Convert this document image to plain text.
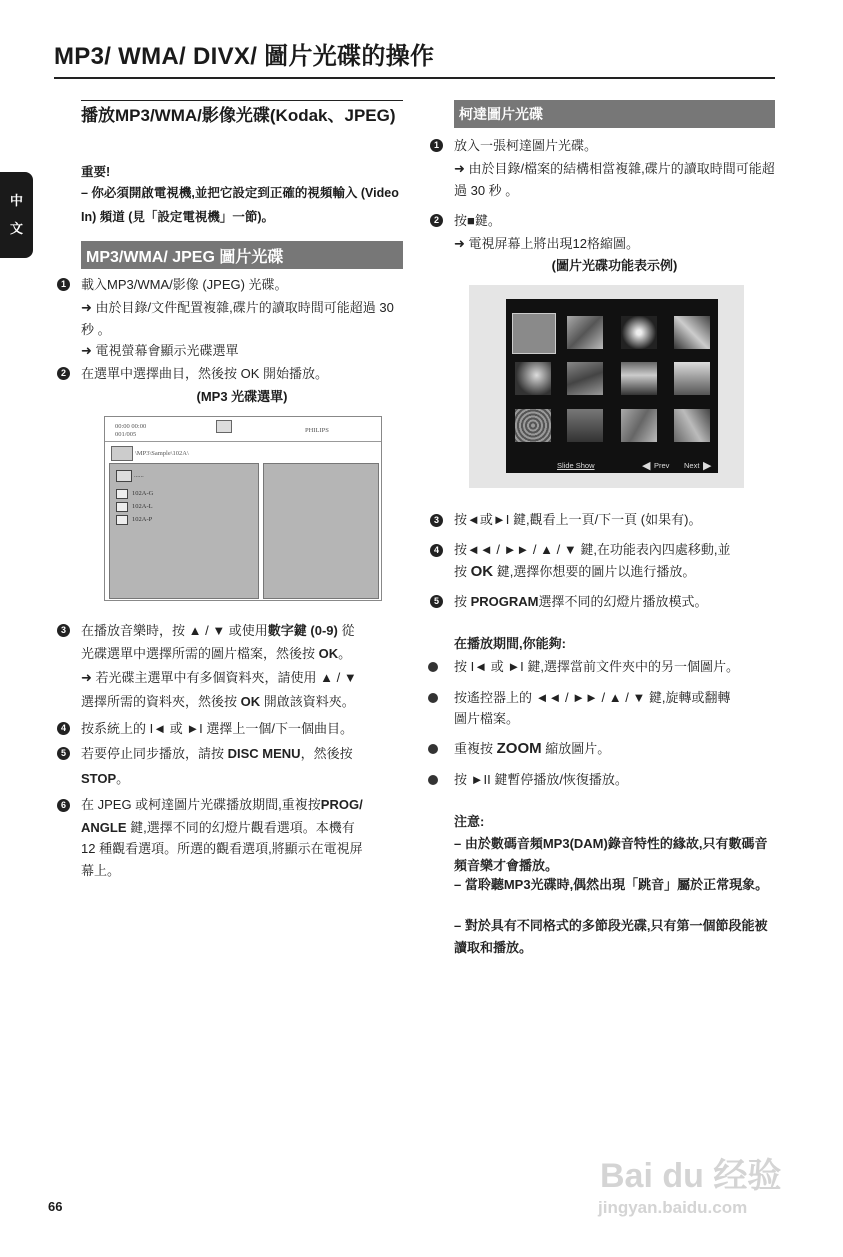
MP3/ WMA/ DIVX/ 圖片光碟的操作
中
文
播放MP3/WMA/影像光碟(Kodak、JPEG)
重要!
– 你必須開啟電視機,並把它設定到正確的視頻輸入 (Video In) 頻道 (見「設定電視機」一節)。
MP3/WMA/ JPEG 圖片光碟
1	載入MP3/WMA/影像 (JPEG) 光碟。
➜ 由於目錄/文件配置複雜,碟片的讀取時間可能超過 30 秒 。
➜ 電視螢幕會顯示光碟選單
2	在選單中選擇曲目，然後按 OK 開始播放。
(MP3 光碟選單)
00:00 00:00
001/005
PHILIPS
\MP3\Sample\102A\
......
102A-G
102A-L
102A-P
3	在播放音樂時，按 ▲ / ▼ 或使用數字鍵 (0-9) 從
光碟選單中選擇所需的圖片檔案，然後按 OK。
➜ 若光碟主選單中有多個資料夾，請使用 ▲ / ▼
選擇所需的資料夾，然後按 OK 開啟該資料夾。
4	按系統上的 I◄ 或 ►I 選擇上一個/下一個曲目。
5	若要停止同步播放，請按 DISC MENU，然後按
STOP。
6	在 JPEG 或柯達圖片光碟播放期間,重複按PROG/
ANGLE 鍵,選擇不同的幻燈片觀看選項。本機有
12 種觀看選項。所選的觀看選項,將顯示在電視屏
幕上。
柯達圖片光碟
1	放入一張柯達圖片光碟。
➜ 由於目錄/檔案的結構相當複雜,碟片的讀取時間可能超過 30 秒 。
2	按■鍵。
➜ 電視屏幕上將出現12格縮圖。
(圖片光碟功能表示例)
Slide Show	◀ Prev Next ▶
3	按◄或►I 鍵,觀看上一頁/下一頁 (如果有)。
4	按◄◄ / ►► / ▲ / ▼ 鍵,在功能表內四處移動,並
按 OK 鍵,選擇你想要的圖片以進行播放。
5	按 PROGRAM選擇不同的幻燈片播放模式。
在播放期間,你能夠:
按 I◄ 或 ►I 鍵,選擇當前文件夾中的另一個圖片。
按遙控器上的 ◄◄ / ►► / ▲ / ▼ 鍵,旋轉或翻轉
圖片檔案。
重複按 ZOOM 縮放圖片。
按 ►II 鍵暫停播放/恢復播放。
注意:
– 由於數碼音頻MP3(DAM)錄音特性的緣故,只有數碼音頻音樂才會播放。
– 當聆聽MP3光碟時,偶然出現「跳音」屬於正常現象。
– 對於具有不同格式的多節段光碟,只有第一個節段能被讀取和播放。
66
Bai du 经验
jingyan.baidu.com
